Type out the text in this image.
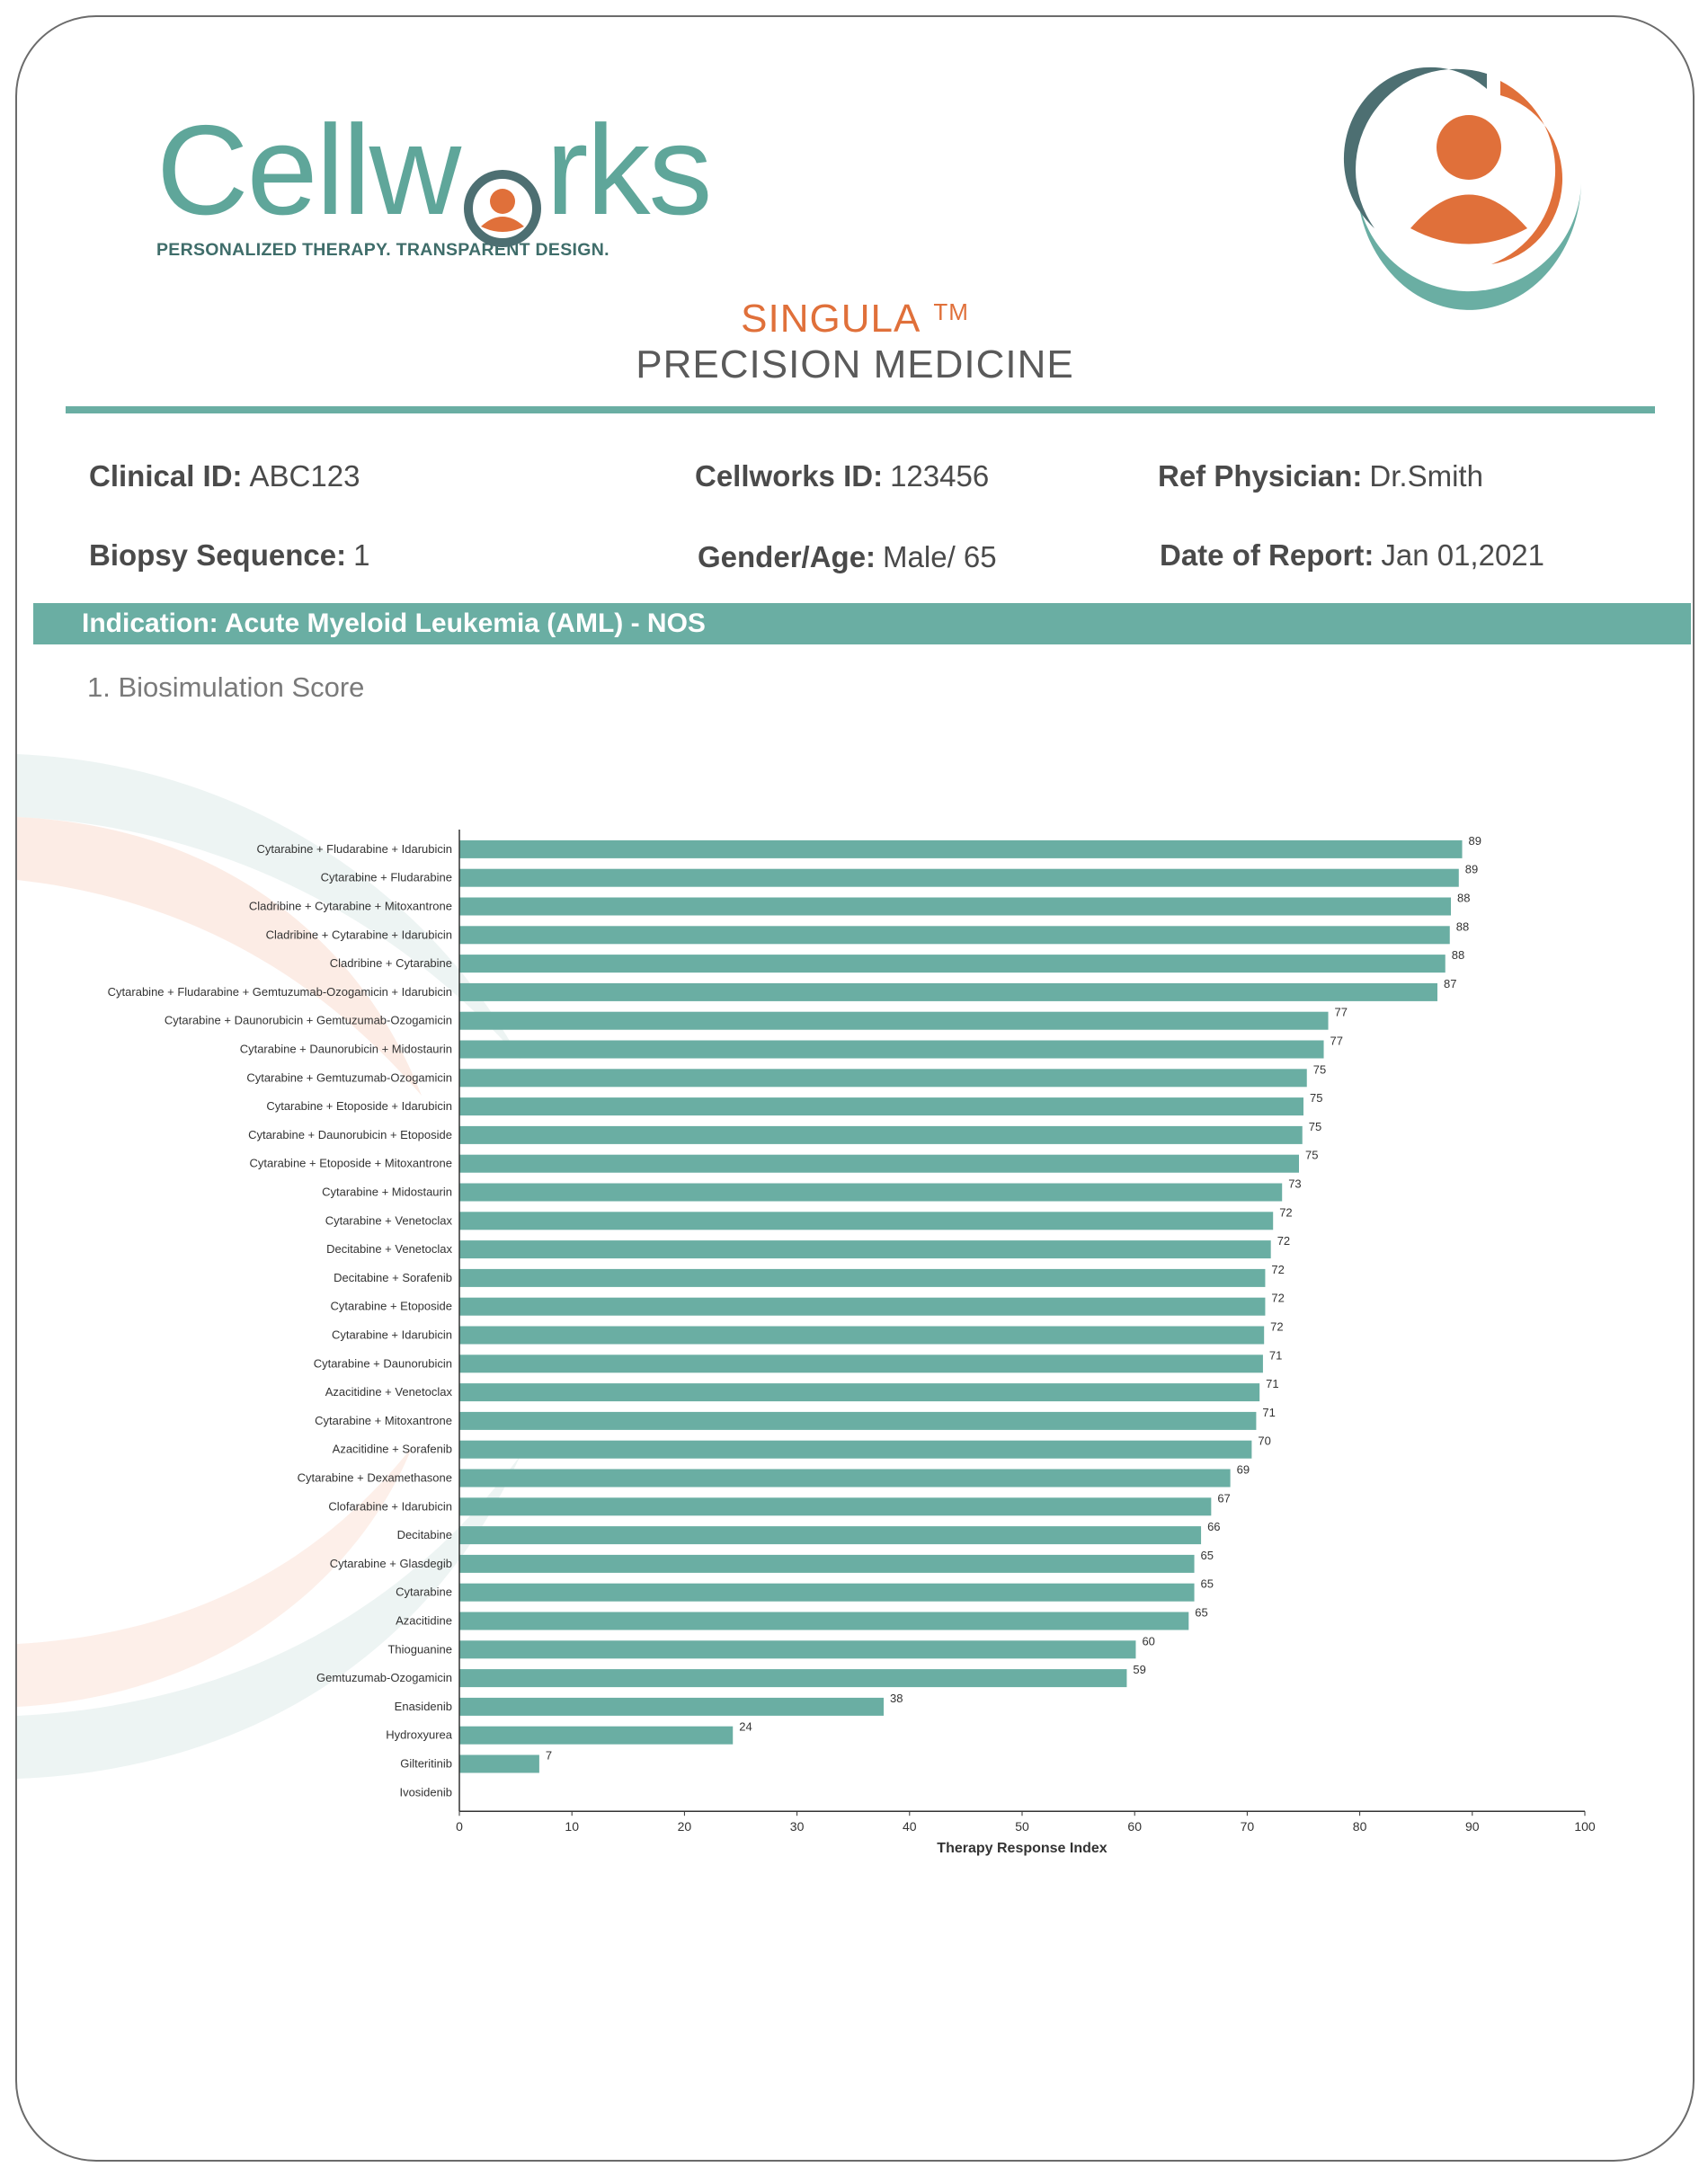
Cellw rks
PERSONALIZED THERAPY. TRANSPARENT DESIGN.
SINGULA ™
PRECISION MEDICINE
Clinical ID: ABC123	Cellworks ID: 123456	Ref Physician: Dr.Smith
Biopsy Sequence: 1	Gender/Age: Male/ 65	Date of Report: Jan 01,2021
Indication: Acute Myeloid Leukemia (AML) - NOS
1. Biosimulation Score
Cytarabine + Fludarabine + Idarubicin
89
Cytarabine + Fludarabine
89
Cladribine + Cytarabine + Mitoxantrone
88
Cladribine + Cytarabine + Idarubicin
88
Cladribine + Cytarabine
88
Cytarabine + Fludarabine + Gemtuzumab-Ozogamicin + Idarubicin
87
Cytarabine + Daunorubicin + Gemtuzumab-Ozogamicin
77
Cytarabine + Daunorubicin + Midostaurin
77
Cytarabine + Gemtuzumab-Ozogamicin
75
Cytarabine + Etoposide + Idarubicin
75
Cytarabine + Daunorubicin + Etoposide
75
Cytarabine + Etoposide + Mitoxantrone
75
Cytarabine + Midostaurin
73
Cytarabine + Venetoclax
72
Decitabine + Venetoclax
72
Decitabine + Sorafenib
72
Cytarabine + Etoposide
72
Cytarabine + Idarubicin
72
Cytarabine + Daunorubicin
71
Azacitidine + Venetoclax
71
Cytarabine + Mitoxantrone
71
Azacitidine + Sorafenib
70
Cytarabine + Dexamethasone
69
Clofarabine + Idarubicin
67
Decitabine
66
Cytarabine + Glasdegib
65
Cytarabine
65
Azacitidine
65
Thioguanine
60
Gemtuzumab-Ozogamicin
59
Enasidenib
38
Hydroxyurea
24
Gilteritinib
7
Ivosidenib
0	10	20	30	40	50	60	70	80	90	100
Therapy Response Index
